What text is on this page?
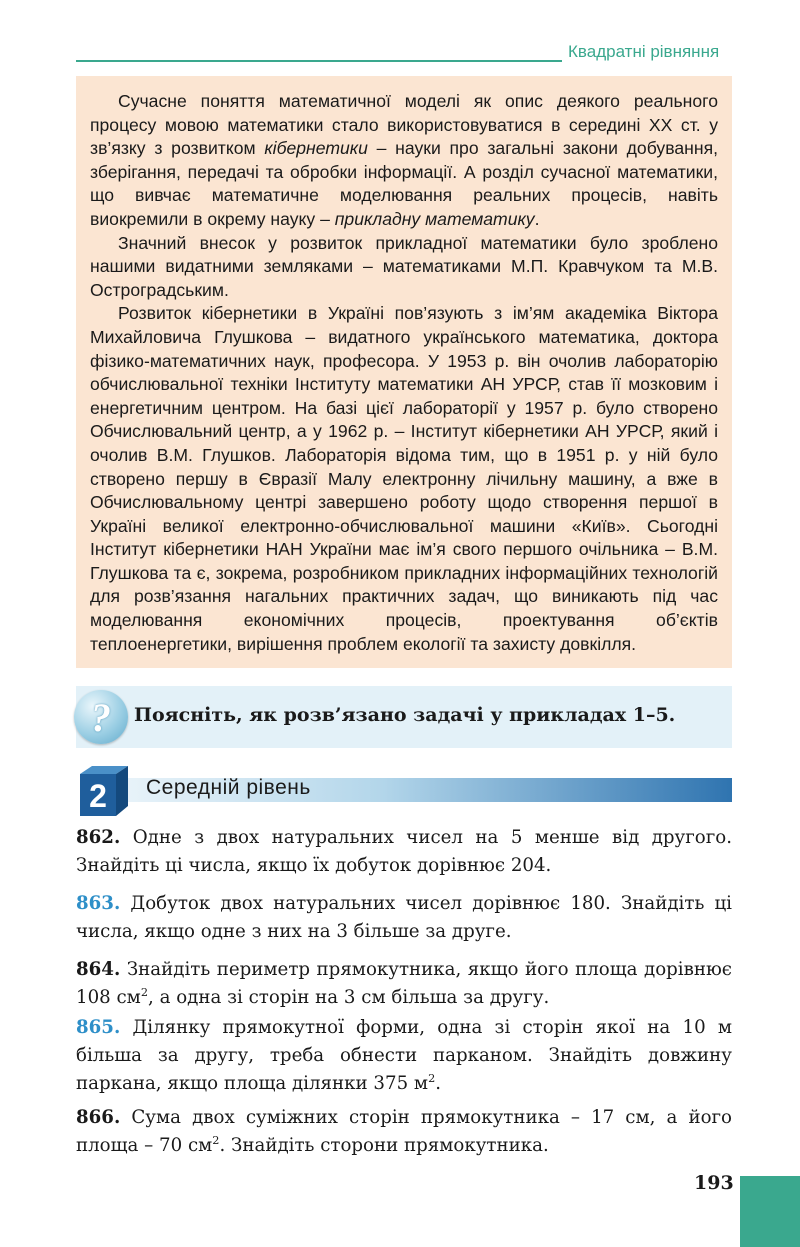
Квадратні рівняння

Сучасне поняття математичної моделі як опис деякого реального процесу мовою математики стало використовуватися в середині XX ст. у зв’язку з розвитком кібернетики – науки про загальні закони добування, зберігання, передачі та обробки інформації. А розділ сучасної математики, що вивчає математичне моделювання реальних процесів, навіть виокремили в окрему науку – прикладну математику.

Значний внесок у розвиток прикладної математики було зроблено нашими видатними земляками – математиками М.П. Кравчуком та М.В. Остроградським.

Розвиток кібернетики в Україні пов’язують з ім’ям академіка Віктора Михайловича Глушкова – видатного українського математика, доктора фізико-математичних наук, професора. У 1953 р. він очолив лабораторію обчислювальної техніки Інституту математики АН УРСР, став її мозковим і енергетичним центром. На базі цієї лабораторії у 1957 р. було створено Обчислювальний центр, а у 1962 р. – Інститут кібернетики АН УРСР, який і очолив В.М. Глушков. Лабораторія відома тим, що в 1951 р. у ній було створено першу в Євразії Малу електронну лічильну машину, а вже в Обчислювальному центрі завершено роботу щодо створення першої в Україні великої електронно-обчислювальної машини «Київ». Сьогодні Інститут кібернетики НАН України має ім’я свого першого очільника – В.М. Глушкова та є, зокрема, розробником прикладних інформаційних технологій для розв’язання нагальних практичних задач, що виникають під час моделювання економічних процесів, проектування об’єктів теплоенергетики, вирішення проблем екології та захисту довкілля.

?	Поясніть, як розв’язано задачі у прикладах 1–5.
2 Середній рівень

862. Одне з двох натуральних чисел на 5 менше від другого. Знайдіть ці числа, якщо їх добуток дорівнює 204.

863. Добуток двох натуральних чисел дорівнює 180. Знайдіть ці числа, якщо одне з них на 3 більше за друге.

864. Знайдіть периметр прямокутника, якщо його площа дорівнює 108 $см^2$, а одна зі сторін на 3 см більша за другу.

865. Ділянку прямокутної форми, одна зі сторін якої на 10 м більша за другу, треба обнести парканом. Знайдіть довжину паркана, якщо площа ділянки 375 $м^2$.

866. Сума двох суміжних сторін прямокутника – 17 см, а його площа – 70 $см^2$. Знайдіть сторони прямокутника.

193
